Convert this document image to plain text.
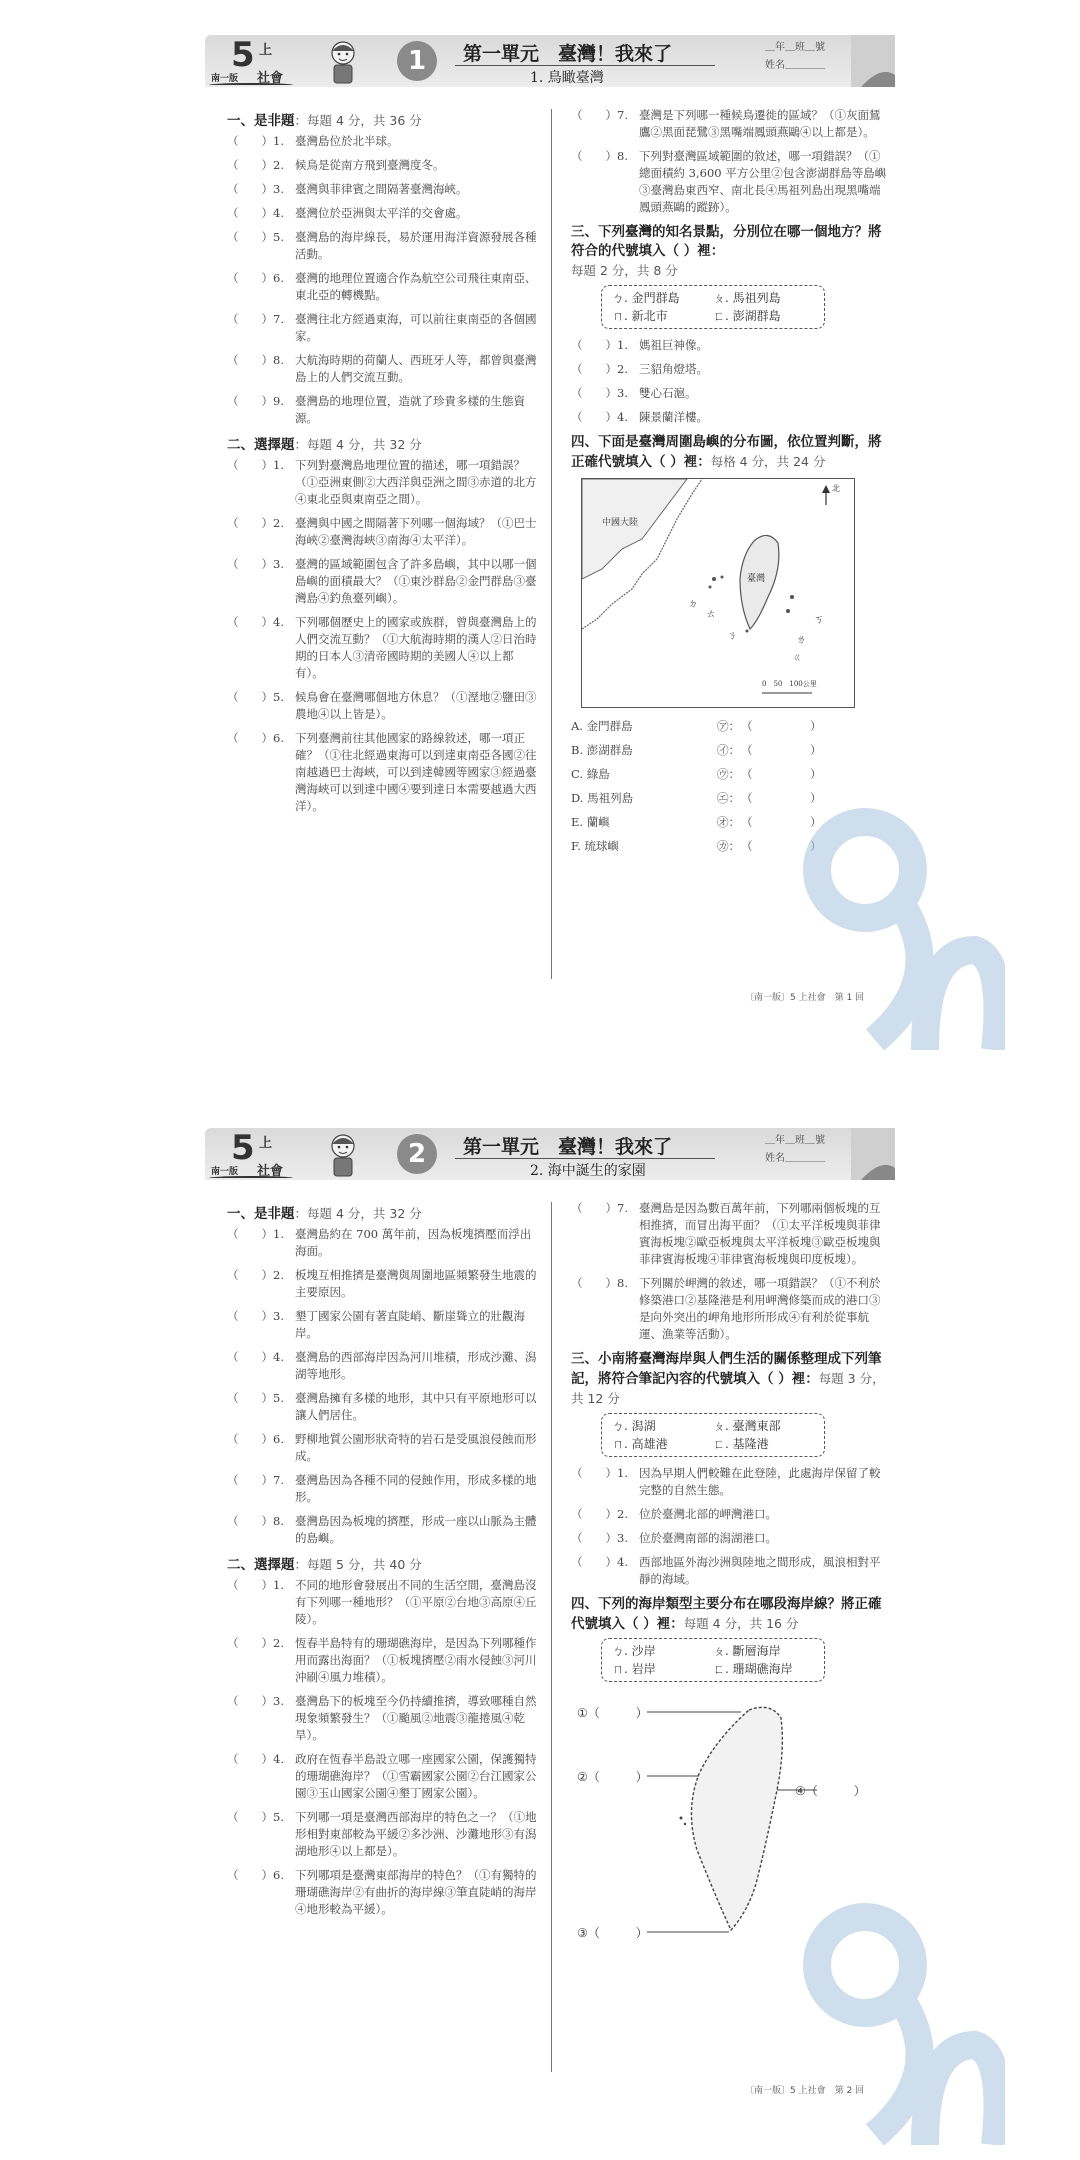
5 上
南一版 社會
1	第一單元　臺灣！我來了
1. 鳥瞰臺灣
＿年＿班＿號
姓名＿＿＿＿
一、是非題：每題 4 分，共 36 分
（　　） 1. 臺灣島位於北半球。
（　　） 2. 候鳥是從南方飛到臺灣度冬。
（　　） 3. 臺灣與菲律賓之間隔著臺灣海峽。
（　　） 4. 臺灣位於亞洲與太平洋的交會處。
（　　） 5. 臺灣島的海岸線長，易於運用海洋資源發展各種活動。
（　　） 6. 臺灣的地理位置適合作為航空公司飛往東南亞、東北亞的轉機點。
（　　） 7. 臺灣往北方經過東海，可以前往東南亞的各個國家。
（　　） 8. 大航海時期的荷蘭人、西班牙人等，都曾與臺灣島上的人們交流互動。
（　　） 9. 臺灣島的地理位置，造就了珍貴多樣的生態資源。
二、選擇題：每題 4 分，共 32 分
（　　） 1. 下列對臺灣島地理位置的描述，哪一項錯誤？（①亞洲東側②大西洋與亞洲之間③赤道的北方④東北亞與東南亞之間）。
（　　） 2. 臺灣與中國之間隔著下列哪一個海域？（①巴士海峽②臺灣海峽③南海④太平洋）。
（　　） 3. 臺灣的區域範圍包含了許多島嶼，其中以哪一個島嶼的面積最大？（①東沙群島②金門群島③臺灣島④釣魚臺列嶼）。
（　　） 4. 下列哪個歷史上的國家或族群，曾與臺灣島上的人們交流互動？（①大航海時期的漢人②日治時期的日本人③清帝國時期的美國人④以上都有）。
（　　） 5. 候鳥會在臺灣哪個地方休息？（①溼地②鹽田③農地④以上皆是）。
（　　） 6. 下列臺灣前往其他國家的路線敘述，哪一項正確？（①往北經過東海可以到達東南亞各國②往南越過巴士海峽，可以到達韓國等國家③經過臺灣海峽可以到達中國④要到達日本需要越過大西洋）。
（　　） 7. 臺灣是下列哪一種候鳥遷徙的區域？（①灰面鵟鷹②黑面琵鷺③黑嘴端鳳頭燕鷗④以上都是）。
（　　） 8. 下列對臺灣區域範圍的敘述，哪一項錯誤？（①總面積約 3,600 平方公里②包含澎湖群島等島嶼③臺灣島東西窄、南北長④馬祖列島出現黑嘴端鳳頭燕鷗的蹤跡）。
三、下列臺灣的知名景點，分別位在哪一個地方？將符合的代號填入（ ）裡：
每題 2 分，共 8 分
ㄅ. 金門群島	ㄆ. 馬祖列島
ㄇ. 新北市	ㄈ. 澎湖群島
（　　） 1. 媽祖巨神像。
（　　） 2. 三貂角燈塔。
（　　） 3. 雙心石滬。
（　　） 4. 陳景蘭洋樓。
四、下面是臺灣周圍島嶼的分布圖，依位置判斷，將正確代號填入（ ）裡：每格 4 分，共 24 分
中國大陸
臺灣
北
0　50　100公里
ㄉ
ㄊ
ㄋ	ㄌ
ㄍ
ㄎ
A. 金門群島	㋐： （　　　　　）
B. 澎湖群島	㋑： （　　　　　）
C. 綠島	㋒： （　　　　　）
D. 馬祖列島	㋓： （　　　　　）
E. 蘭嶼	㋔： （　　　　　）
F. 琉球嶼	㋕： （　　　　　）
〔南一版〕5 上社會　第 1 回
5 上
南一版 社會
2	第一單元　臺灣！我來了
2. 海中誕生的家園
＿年＿班＿號
姓名＿＿＿＿
一、是非題：每題 4 分，共 32 分
（　　） 1. 臺灣島約在 700 萬年前，因為板塊擠壓而浮出海面。
（　　） 2. 板塊互相推擠是臺灣與周圍地區頻繁發生地震的主要原因。
（　　） 3. 墾丁國家公園有著直陡峭、斷崖聳立的壯觀海岸。
（　　） 4. 臺灣島的西部海岸因為河川堆積，形成沙灘、潟湖等地形。
（　　） 5. 臺灣島擁有多樣的地形，其中只有平原地形可以讓人們居住。
（　　） 6. 野柳地質公園形狀奇特的岩石是受風浪侵蝕而形成。
（　　） 7. 臺灣島因為各種不同的侵蝕作用，形成多樣的地形。
（　　） 8. 臺灣島因為板塊的擠壓，形成一座以山脈為主體的島嶼。
二、選擇題：每題 5 分，共 40 分
（　　） 1. 不同的地形會發展出不同的生活空間，臺灣島沒有下列哪一種地形？（①平原②台地③高原④丘陵）。
（　　） 2. 恆春半島特有的珊瑚礁海岸，是因為下列哪種作用而露出海面？（①板塊擠壓②雨水侵蝕③河川沖刷④風力堆積）。
（　　） 3. 臺灣島下的板塊至今仍持續推擠，導致哪種自然現象頻繁發生？（①颱風②地震③龍捲風④乾旱）。
（　　） 4. 政府在恆春半島設立哪一座國家公園，保護獨特的珊瑚礁海岸？（①雪霸國家公園②台江國家公園③玉山國家公園④墾丁國家公園）。
（　　） 5. 下列哪一項是臺灣西部海岸的特色之一？（①地形相對東部較為平緩②多沙洲、沙灘地形③有潟湖地形④以上都是）。
（　　） 6. 下列哪項是臺灣東部海岸的特色？（①有獨特的珊瑚礁海岸②有曲折的海岸線③筆直陡峭的海岸④地形較為平緩）。
（　　） 7. 臺灣島是因為數百萬年前，下列哪兩個板塊的互相推擠，而冒出海平面？（①太平洋板塊與菲律賓海板塊②歐亞板塊與太平洋板塊③歐亞板塊與菲律賓海板塊④菲律賓海板塊與印度板塊）。
（　　） 8. 下列關於岬灣的敘述，哪一項錯誤？（①不利於修築港口②基隆港是利用岬灣修築而成的港口③是向外突出的岬角地形所形成④有利於從事航運、漁業等活動）。
三、小南將臺灣海岸與人們生活的關係整理成下列筆記，將符合筆記內容的代號填入（ ）裡：每題 3 分，共 12 分
ㄅ. 潟湖	ㄆ. 臺灣東部
ㄇ. 高雄港	ㄈ. 基隆港
（　　） 1. 因為早期人們較難在此登陸，此處海岸保留了較完整的自然生態。
（　　） 2. 位於臺灣北部的岬灣港口。
（　　） 3. 位於臺灣南部的潟湖港口。
（　　） 4. 西部地區外海沙洲與陸地之間形成，風浪相對平靜的海域。
四、下列的海岸類型主要分布在哪段海岸線？將正確代號填入（ ）裡：每題 4 分，共 16 分
ㄅ. 沙岸	ㄆ. 斷層海岸
ㄇ. 岩岸	ㄈ. 珊瑚礁海岸
①（　　　）
②（　　　）
③（　　　）
④（　　　）
〔南一版〕5 上社會　第 2 回
